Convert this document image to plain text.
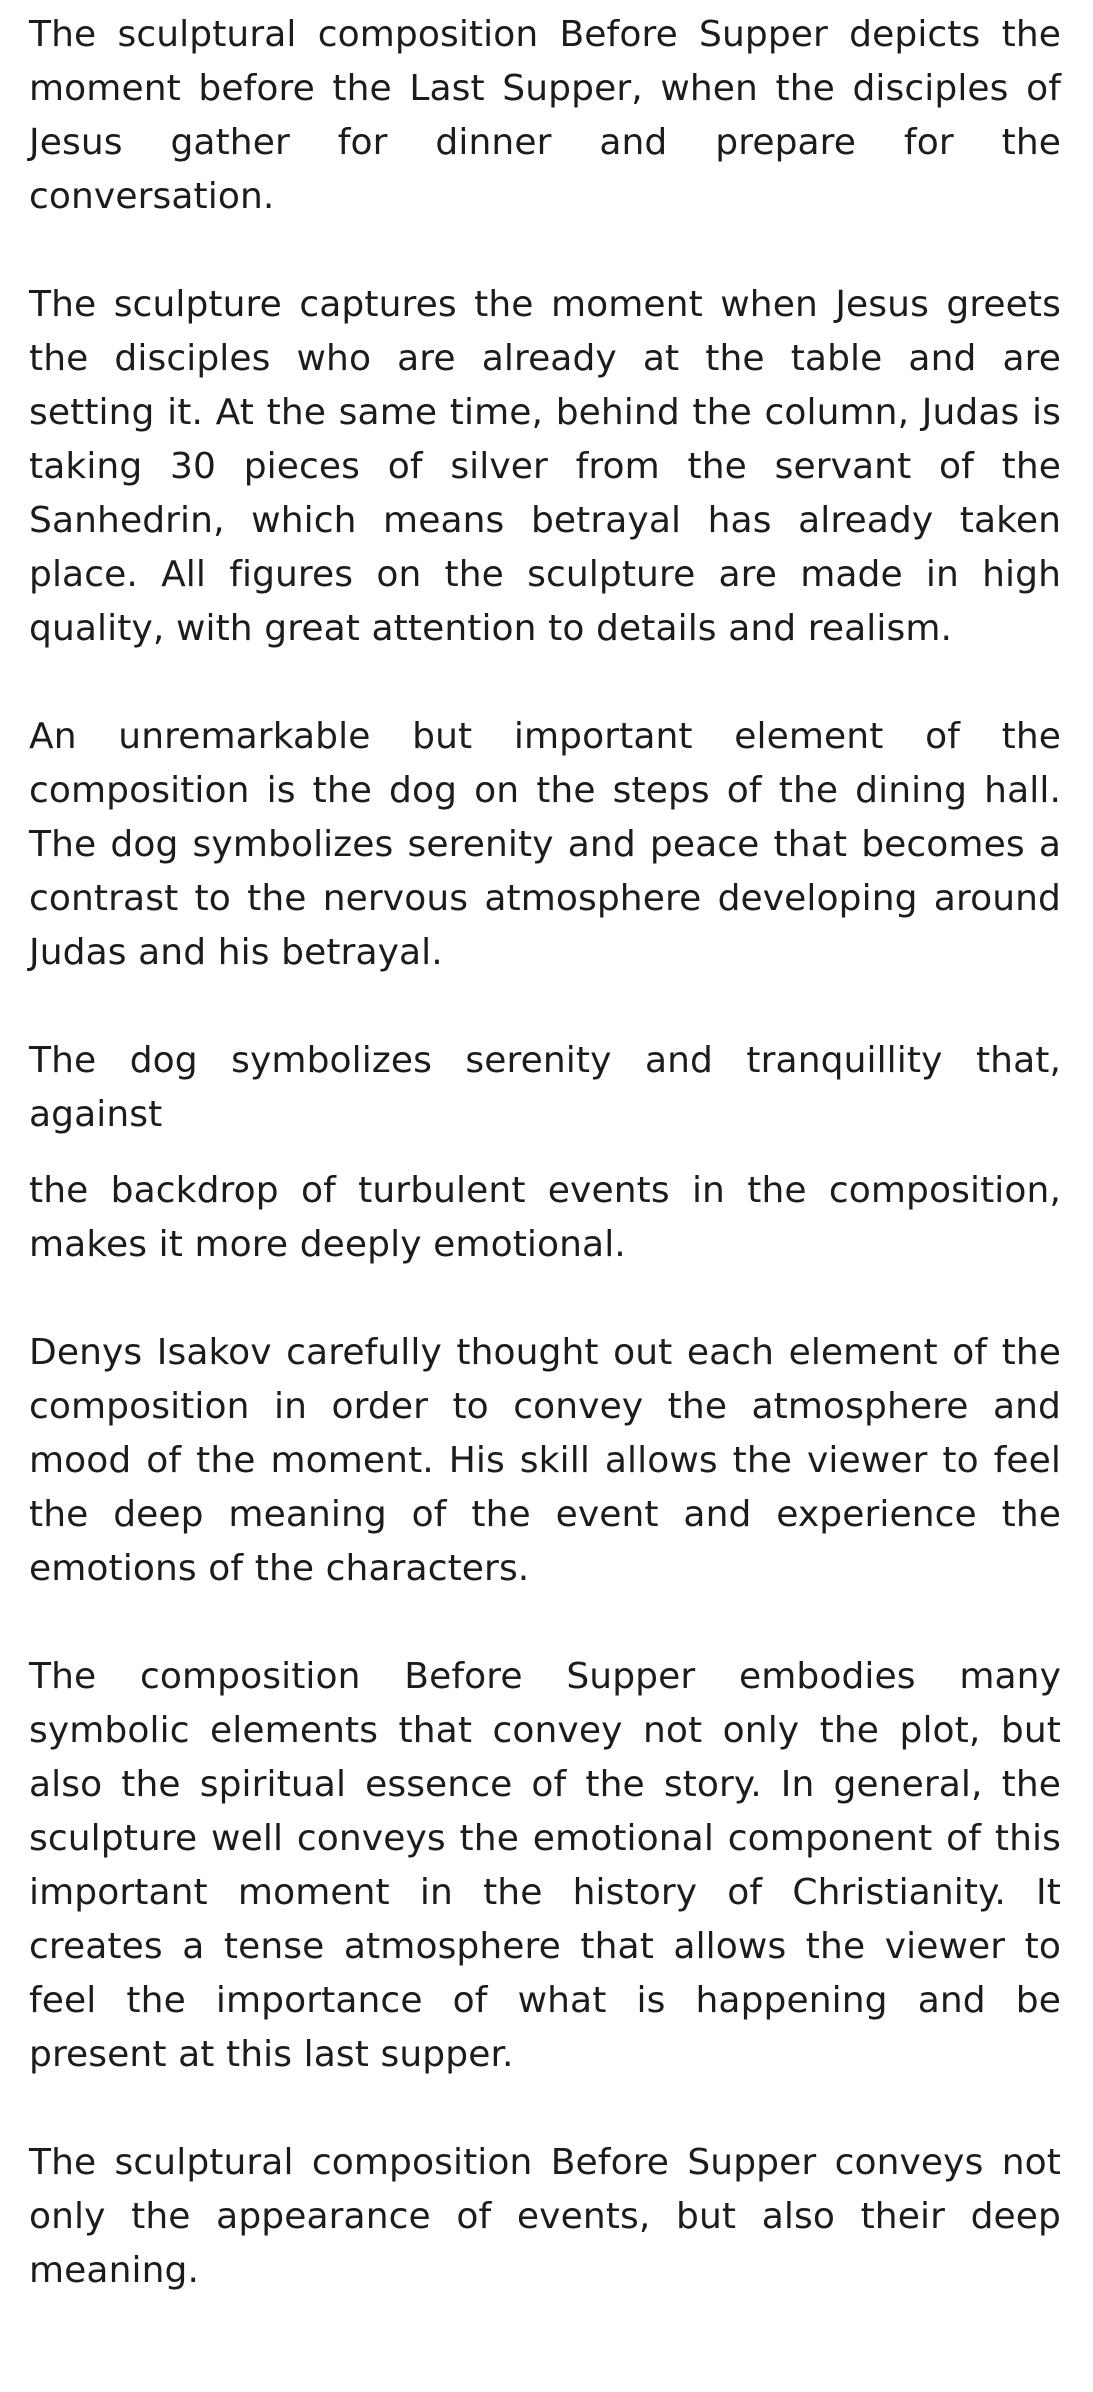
The sculptural composition Before Supper depicts the moment before the Last Supper, when the disciples of Jesus gather for dinner and prepare for the conversation.

The sculpture captures the moment when Jesus greets the disciples who are already at the table and are setting it. At the same time, behind the column, Judas is taking 30 pieces of silver from the servant of the Sanhedrin, which means betrayal has already taken place. All figures on the sculpture are made in high quality, with great attention to details and realism.

An unremarkable but important element of the composition is the dog on the steps of the dining hall. The dog symbolizes serenity and peace that becomes a contrast to the nervous atmosphere developing around Judas and his betrayal.

The dog symbolizes serenity and tranquillity that, against

the backdrop of turbulent events in the composition, makes it more deeply emotional.

Denys Isakov carefully thought out each element of the composition in order to convey the atmosphere and mood of the moment. His skill allows the viewer to feel the deep meaning of the event and experience the emotions of the characters.

The composition Before Supper embodies many symbolic elements that convey not only the plot, but also the spiritual essence of the story. In general, the sculpture well conveys the emotional component of this important moment in the history of Christianity. It creates a tense atmosphere that allows the viewer to feel the importance of what is happening and be present at this last supper.

The sculptural composition Before Supper conveys not only the appearance of events, but also their deep meaning.
